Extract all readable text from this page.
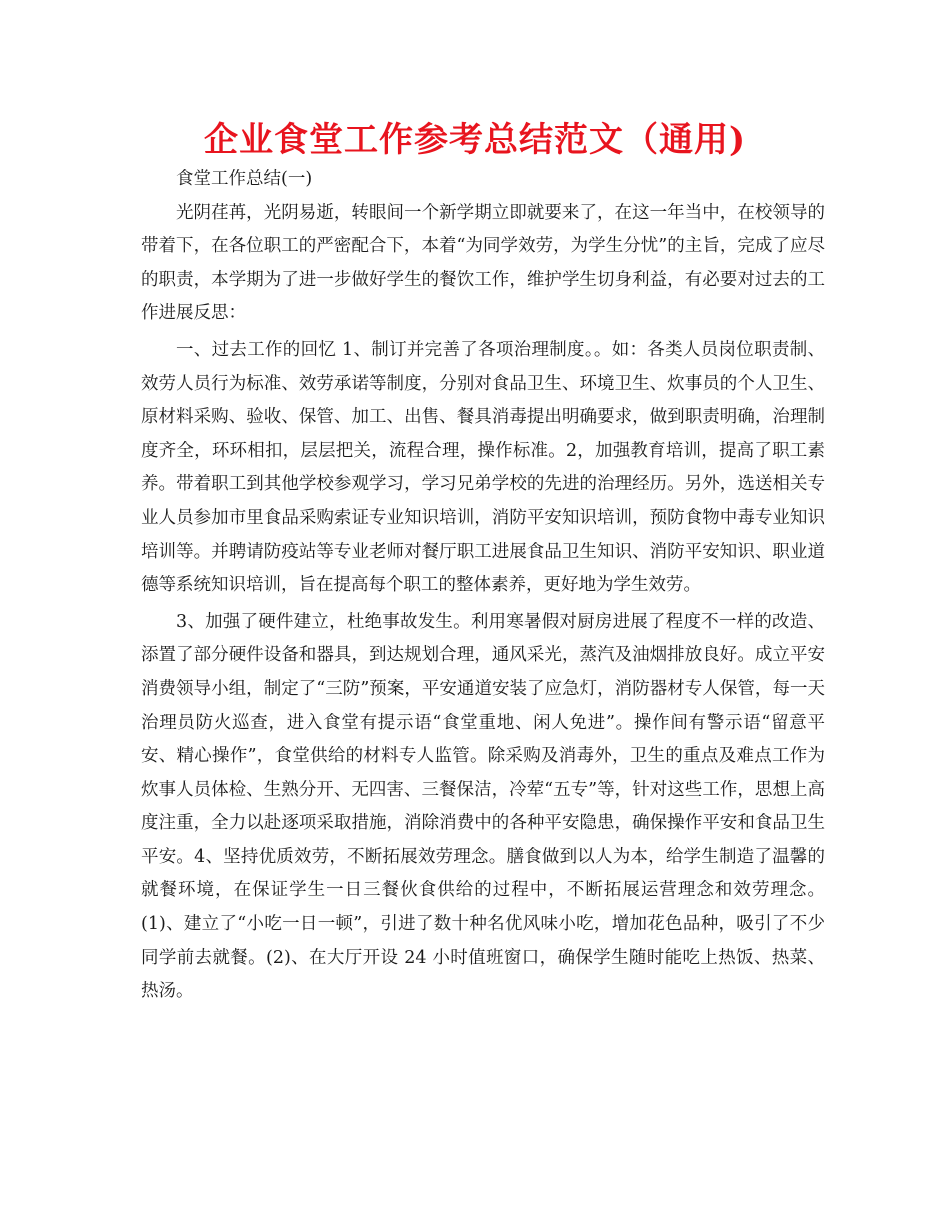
企业食堂工作参考总结范文（通用)

食堂工作总结(一)

光阴荏苒，光阴易逝，转眼间一个新学期立即就要来了，在这一年当中，在校领导的带着下，在各位职工的严密配合下，本着“为同学效劳，为学生分忧”的主旨，完成了应尽的职责，本学期为了进一步做好学生的餐饮工作，维护学生切身利益，有必要对过去的工作进展反思：

一、过去工作的回忆 1、制订并完善了各项治理制度。。如：各类人员岗位职责制、效劳人员行为标准、效劳承诺等制度，分别对食品卫生、环境卫生、炊事员的个人卫生、原材料采购、验收、保管、加工、出售、餐具消毒提出明确要求，做到职责明确，治理制度齐全，环环相扣，层层把关，流程合理，操作标准。2，加强教育培训，提高了职工素养。带着职工到其他学校参观学习，学习兄弟学校的先进的治理经历。另外，选送相关专业人员参加市里食品采购索证专业知识培训，消防平安知识培训，预防食物中毒专业知识培训等。并聘请防疫站等专业老师对餐厅职工进展食品卫生知识、消防平安知识、职业道德等系统知识培训，旨在提高每个职工的整体素养，更好地为学生效劳。

3、加强了硬件建立，杜绝事故发生。利用寒暑假对厨房进展了程度不一样的改造、添置了部分硬件设备和器具，到达规划合理，通风采光，蒸汽及油烟排放良好。成立平安消费领导小组，制定了“三防”预案，平安通道安装了应急灯，消防器材专人保管，每一天治理员防火巡查，进入食堂有提示语“食堂重地、闲人免进”。操作间有警示语“留意平安、精心操作”，食堂供给的材料专人监管。除采购及消毒外，卫生的重点及难点工作为炊事人员体检、生熟分开、无四害、三餐保洁，冷荤“五专”等，针对这些工作，思想上高度注重，全力以赴逐项采取措施，消除消费中的各种平安隐患，确保操作平安和食品卫生平安。4、坚持优质效劳，不断拓展效劳理念。膳食做到以人为本，给学生制造了温馨的就餐环境，在保证学生一日三餐伙食供给的过程中，不断拓展运营理念和效劳理念。(1)、建立了“小吃一日一顿”，引进了数十种名优风味小吃，增加花色品种，吸引了不少同学前去就餐。(2)、在大厅开设 24 小时值班窗口，确保学生随时能吃上热饭、热菜、热汤。
